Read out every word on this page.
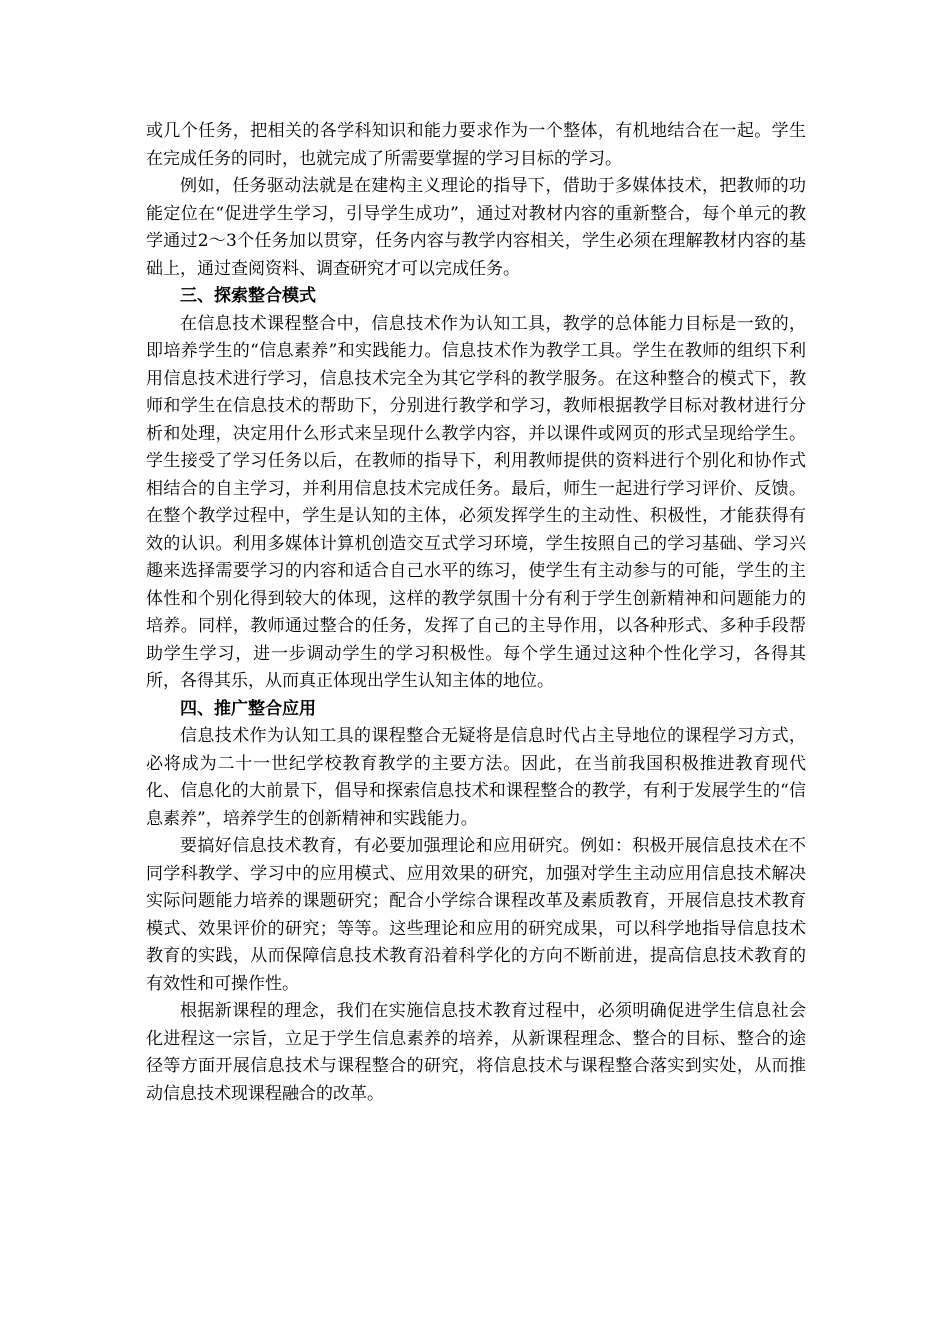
或几个任务，把相关的各学科知识和能力要求作为一个整体，有机地结合在一起。学生在完成任务的同时，也就完成了所需要掌握的学习目标的学习。

例如，任务驱动法就是在建构主义理论的指导下，借助于多媒体技术，把教师的功能定位在“促进学生学习，引导学生成功”，通过对教材内容的重新整合，每个单元的教学通过2～3个任务加以贯穿，任务内容与教学内容相关，学生必须在理解教材内容的基础上，通过查阅资料、调查研究才可以完成任务。

三、探索整合模式

在信息技术课程整合中，信息技术作为认知工具，教学的总体能力目标是一致的，即培养学生的“信息素养”和实践能力。信息技术作为教学工具。学生在教师的组织下利用信息技术进行学习，信息技术完全为其它学科的教学服务。在这种整合的模式下，教师和学生在信息技术的帮助下，分别进行教学和学习，教师根据教学目标对教材进行分析和处理，决定用什么形式来呈现什么教学内容，并以课件或网页的形式呈现给学生。学生接受了学习任务以后，在教师的指导下，利用教师提供的资料进行个别化和协作式相结合的自主学习，并利用信息技术完成任务。最后，师生一起进行学习评价、反馈。在整个教学过程中，学生是认知的主体，必须发挥学生的主动性、积极性，才能获得有效的认识。利用多媒体计算机创造交互式学习环境，学生按照自己的学习基础、学习兴趣来选择需要学习的内容和适合自己水平的练习，使学生有主动参与的可能，学生的主体性和个别化得到较大的体现，这样的教学氛围十分有利于学生创新精神和问题能力的培养。同样，教师通过整合的任务，发挥了自己的主导作用，以各种形式、多种手段帮助学生学习，进一步调动学生的学习积极性。每个学生通过这种个性化学习，各得其所，各得其乐，从而真正体现出学生认知主体的地位。

四、推广整合应用

信息技术作为认知工具的课程整合无疑将是信息时代占主导地位的课程学习方式，必将成为二十一世纪学校教育教学的主要方法。因此，在当前我国积极推进教育现代化、信息化的大前景下，倡导和探索信息技术和课程整合的教学，有利于发展学生的“信息素养”，培养学生的创新精神和实践能力。

要搞好信息技术教育，有必要加强理论和应用研究。例如：积极开展信息技术在不同学科教学、学习中的应用模式、应用效果的研究，加强对学生主动应用信息技术解决实际问题能力培养的课题研究；配合小学综合课程改革及素质教育，开展信息技术教育模式、效果评价的研究；等等。这些理论和应用的研究成果，可以科学地指导信息技术教育的实践，从而保障信息技术教育沿着科学化的方向不断前进，提高信息技术教育的有效性和可操作性。

根据新课程的理念，我们在实施信息技术教育过程中，必须明确促进学生信息社会化进程这一宗旨，立足于学生信息素养的培养，从新课程理念、整合的目标、整合的途径等方面开展信息技术与课程整合的研究，将信息技术与课程整合落实到实处，从而推动信息技术现课程融合的改革。
